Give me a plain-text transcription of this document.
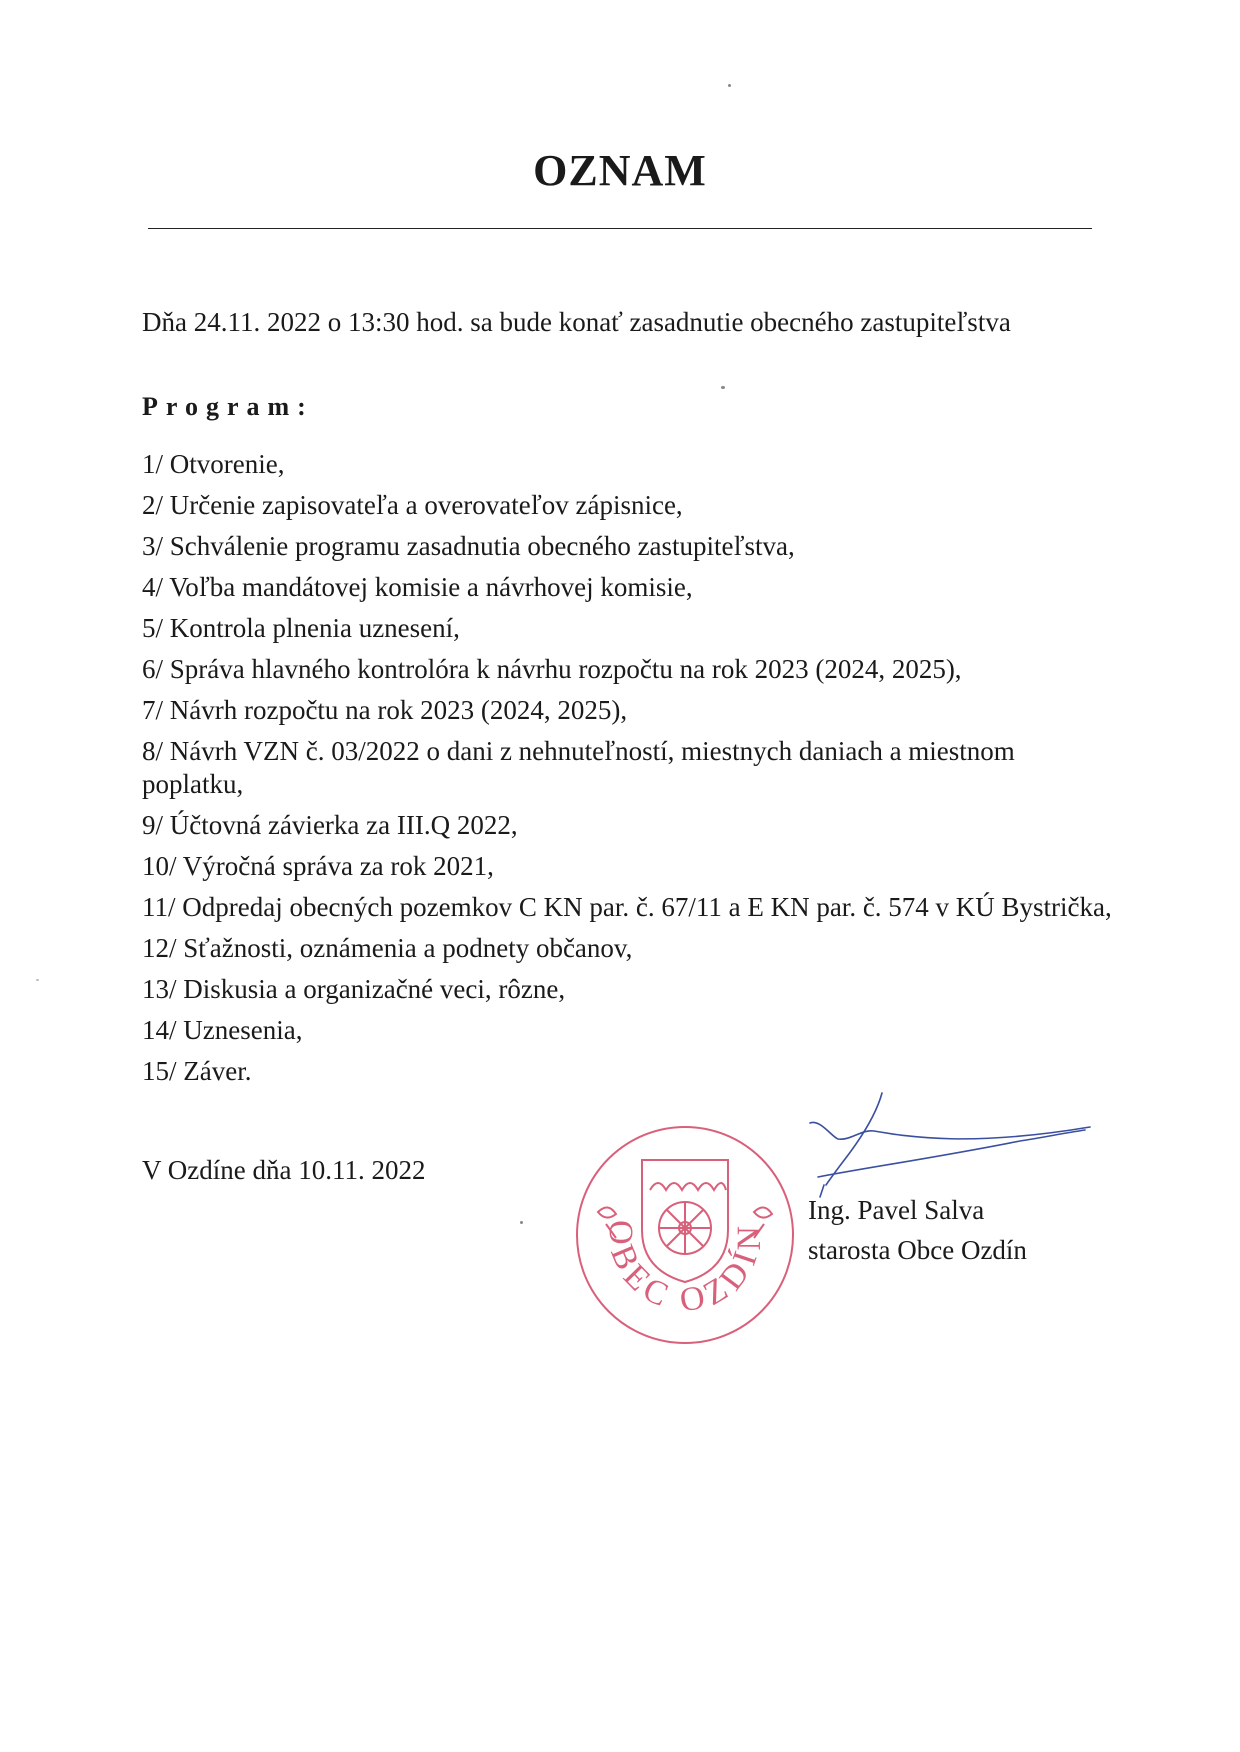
OZNAM

Dňa 24.11. 2022 o 13:30 hod. sa bude konať zasadnutie obecného zastupiteľstva

Program:

1/ Otvorenie,
2/ Určenie zapisovateľa a overovateľov zápisnice,
3/ Schválenie programu zasadnutia obecného zastupiteľstva,
4/ Voľba mandátovej komisie a návrhovej komisie,
5/ Kontrola plnenia uznesení,
6/ Správa hlavného kontrolóra k návrhu rozpočtu na rok 2023 (2024, 2025),
7/ Návrh rozpočtu na rok 2023 (2024, 2025),
8/ Návrh VZN č. 03/2022 o dani z nehnuteľností, miestnych daniach a miestnom poplatku,
9/ Účtovná závierka za III.Q 2022,
10/ Výročná správa za rok 2021,
11/ Odpredaj obecných pozemkov C KN par. č. 67/11 a E KN par. č. 574 v KÚ Bystrička,
12/ Sťažnosti, oznámenia a podnety občanov,
13/ Diskusia a organizačné veci, rôzne,
14/ Uznesenia,
15/ Záver.

V Ozdíne dňa 10.11. 2022

OBEC OZDÍN

Ing. Pavel Salva

starosta Obce Ozdín
